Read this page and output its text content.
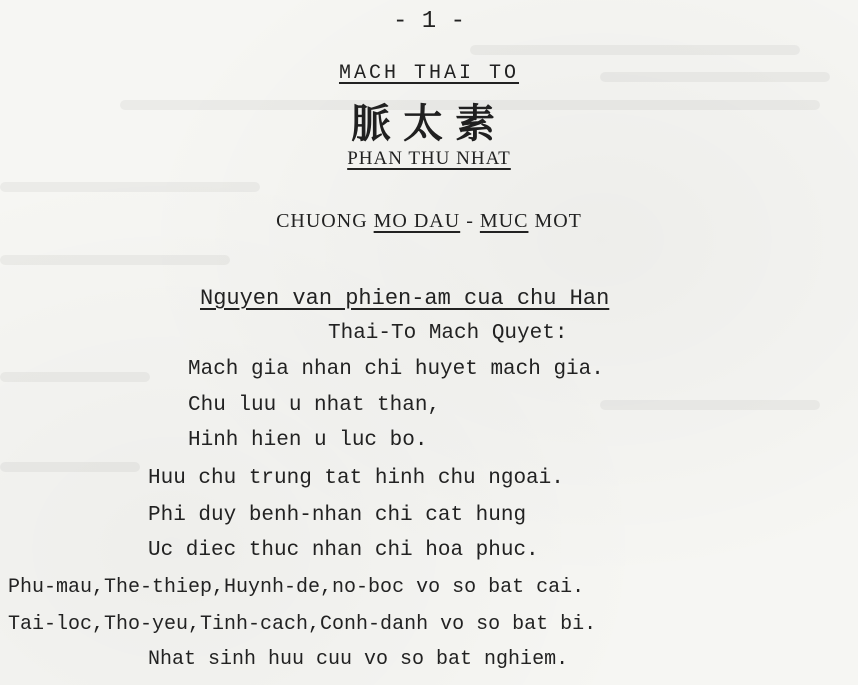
- 1 -
MACH THAI TO
脈太素
PHAN THU NHAT
CHUONG MO DAU - MUC MOT
Nguyen van phien-am cua chu Han
Thai-To Mach Quyet:
Mach gia nhan chi huyet mach gia.
Chu luu u nhat than,
Hinh hien u luc bo.
Huu chu trung tat hinh chu ngoai.
Phi duy benh-nhan chi cat hung
Uc diec thuc nhan chi hoa phuc.
Phu-mau,The-thiep,Huynh-de,no-boc vo so bat cai.
Tai-loc,Tho-yeu,Tinh-cach,Conh-danh vo so bat bi.
Nhat sinh huu cuu vo so bat nghiem.
